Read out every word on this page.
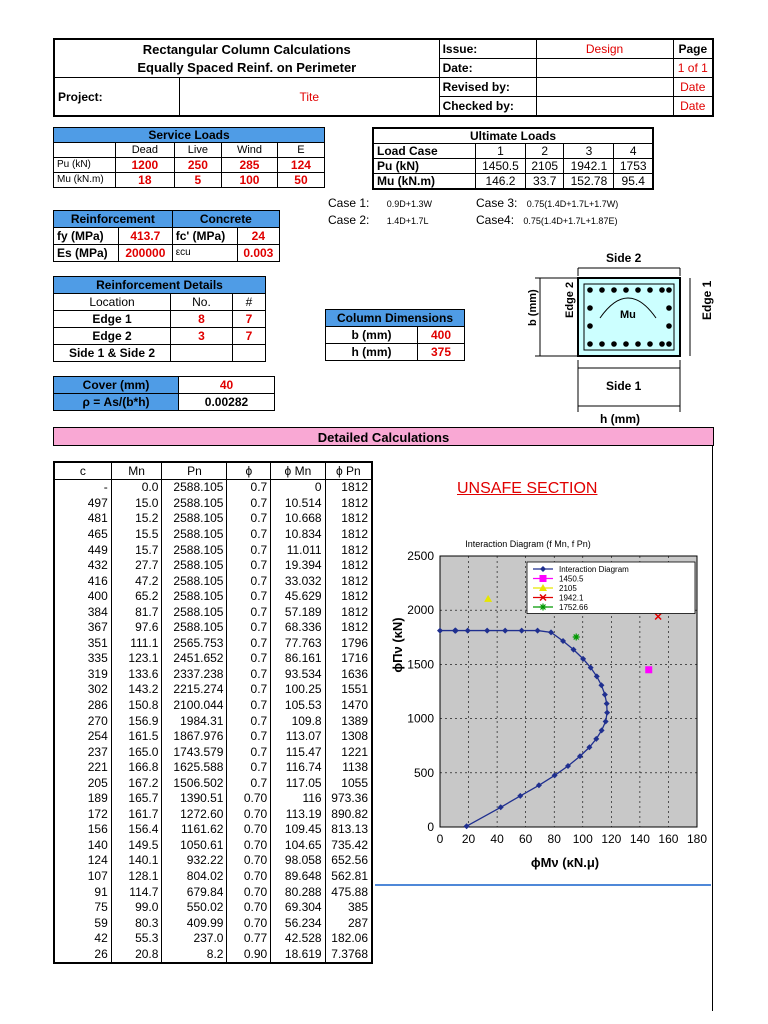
Rectangular Column Calculations
Equally Spaced Reinf. on Perimeter		Issue:	Design	Page
		Date:		1 of 1
Project:	Tite	Revised by:		Date
		Checked by:		Date
Service Loads				
	Dead	Live	Wind	E
Pu (kN)	1200	250	285	124
Mu (kN.m)	18	5	100	50
Ultimate Loads				
Load Case	1	2	3	4
Pu (kN)	1450.5	2105	1942.1	1753
Mu (kN.m)	146.2	33.7	152.78	95.4
Case 1: 0.9D+1.3W	Case 3: 0.75(1.4D+1.7L+1.7W)
Case 2: 1.4D+1.7L	Case4: 0.75(1.4D+1.7L+1.87E)
Reinforcement		Concrete	
fy (MPa)	413.7	fc' (MPa)	24
Es (MPa)	200000	εcu	0.003
Reinforcement Details		
Location	No.	#
Edge 1	8	7
Edge 2	3	7
Side 1 & Side 2		
Column Dimensions	
b (mm)	400
h (mm)	375
Cover (mm)	40
ρ = As/(b*h)	0.00282
Side 2
Mu
Edge 2	Edge 1
b (mm)
Side 1
h (mm)
Detailed Calculations
c	Mn	Pn	ϕ	ϕ Mn	ϕ Pn
-	0.0	2588.105	0.7	0	1812
497	15.0	2588.105	0.7	10.514	1812
481	15.2	2588.105	0.7	10.668	1812
465	15.5	2588.105	0.7	10.834	1812
449	15.7	2588.105	0.7	11.011	1812
432	27.7	2588.105	0.7	19.394	1812
416	47.2	2588.105	0.7	33.032	1812
400	65.2	2588.105	0.7	45.629	1812
384	81.7	2588.105	0.7	57.189	1812
367	97.6	2588.105	0.7	68.336	1812
351	111.1	2565.753	0.7	77.763	1796
335	123.1	2451.652	0.7	86.161	1716
319	133.6	2337.238	0.7	93.534	1636
302	143.2	2215.274	0.7	100.25	1551
286	150.8	2100.044	0.7	105.53	1470
270	156.9	1984.31	0.7	109.8	1389
254	161.5	1867.976	0.7	113.07	1308
237	165.0	1743.579	0.7	115.47	1221
221	166.8	1625.588	0.7	116.74	1138
205	167.2	1506.502	0.7	117.05	1055
189	165.7	1390.51	0.70	116	973.36
172	161.7	1272.60	0.70	113.19	890.82
156	156.4	1161.62	0.70	109.45	813.13
140	149.5	1050.61	0.70	104.65	735.42
124	140.1	932.22	0.70	98.058	652.56
107	128.1	804.02	0.70	89.648	562.81
91	114.7	679.84	0.70	80.288	475.88
75	99.0	550.02	0.70	69.304	385
59	80.3	409.99	0.70	56.234	287
42	55.3	237.0	0.77	42.528	182.06
26	20.8	8.2	0.90	18.619	7.3768
UNSAFE SECTION
Interaction Diagram (f Mn, f Pn)
0 20 40 60 80 100 120 140 160 180
0
500
1000
1500
2000
2500
Interaction Diagram
1450.5
2105
1942.1
1752.66
ϕΠν (κΝ)
ϕMν (κΝ.μ)
